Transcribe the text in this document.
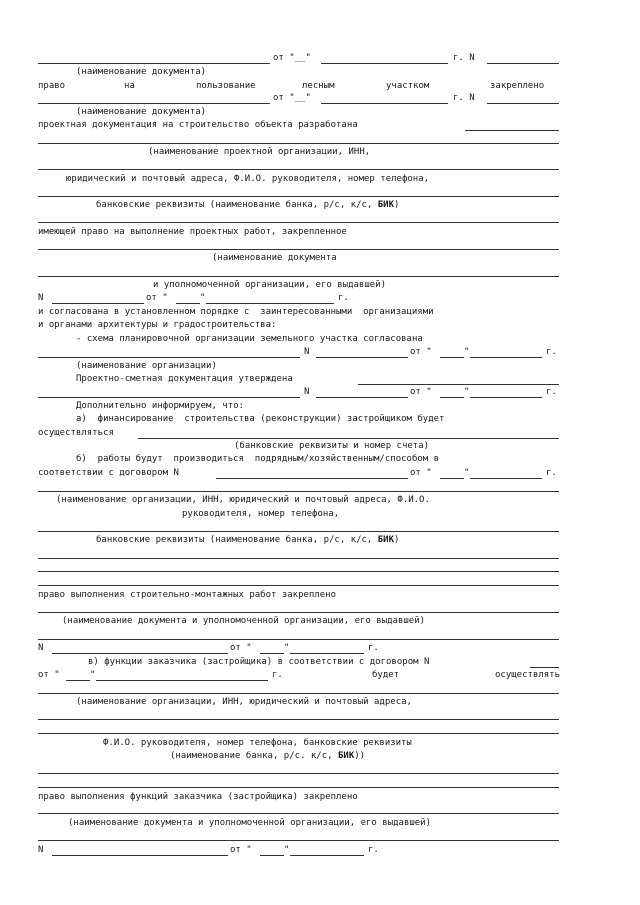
от "__"	г. N
(наименование документа)
право	на	пользование	лесным	участком	закреплено
от "__"	г. N
(наименование документа)
проектная документация на строительство объекта разработана
(наименование проектной организации, ИНН,
юридический и почтовый адреса, Ф.И.О. руководителя, номер телефона,
банковские реквизиты (наименование банка, р/с, к/с, БИК)
имеющей право на выполнение проектных работ, закрепленное
(наименование документа
и уполномоченной организации, его выдавшей)
N	от "	"	г.
и согласована в установленном порядке с  заинтересованными  организациями
и органами архитектуры и градостроительства:
- схема планировочной организации земельного участка согласована
N	от "	"	г.
(наименование организации)
Проектно-сметная документация утверждена
N	от "	"	г.
Дополнительно информируем, что:
а)  финансирование  строительства (реконструкции) застройщиком будет
осуществляться
(банковские реквизиты и номер счета)
б)  работы будут  производиться  подрядным/хозяйственным/способом в
соответствии с договором N	от "	"	г.
(наименование организации, ИНН, юридический и почтовый адреса, Ф.И.О.
руководителя, номер телефона,
банковские реквизиты (наименование банка, р/с, к/с, БИК)
право выполнения строительно-монтажных работ закреплено
(наименование документа и уполномоченной организации, его выдавшей)
N	от "	"	г.
в) функции заказчика (застройщика) в соответствии с договором N
от "	"	г.	будет	осуществлять
(наименование организации, ИНН, юридический и почтовый адреса,
Ф.И.О. руководителя, номер телефона, банковские реквизиты
(наименование банка, р/с. к/с, БИК))
право выполнения функций заказчика (застройщика) закреплено
(наименование документа и уполномоченной организации, его выдавшей)
N	от "	"	г.
